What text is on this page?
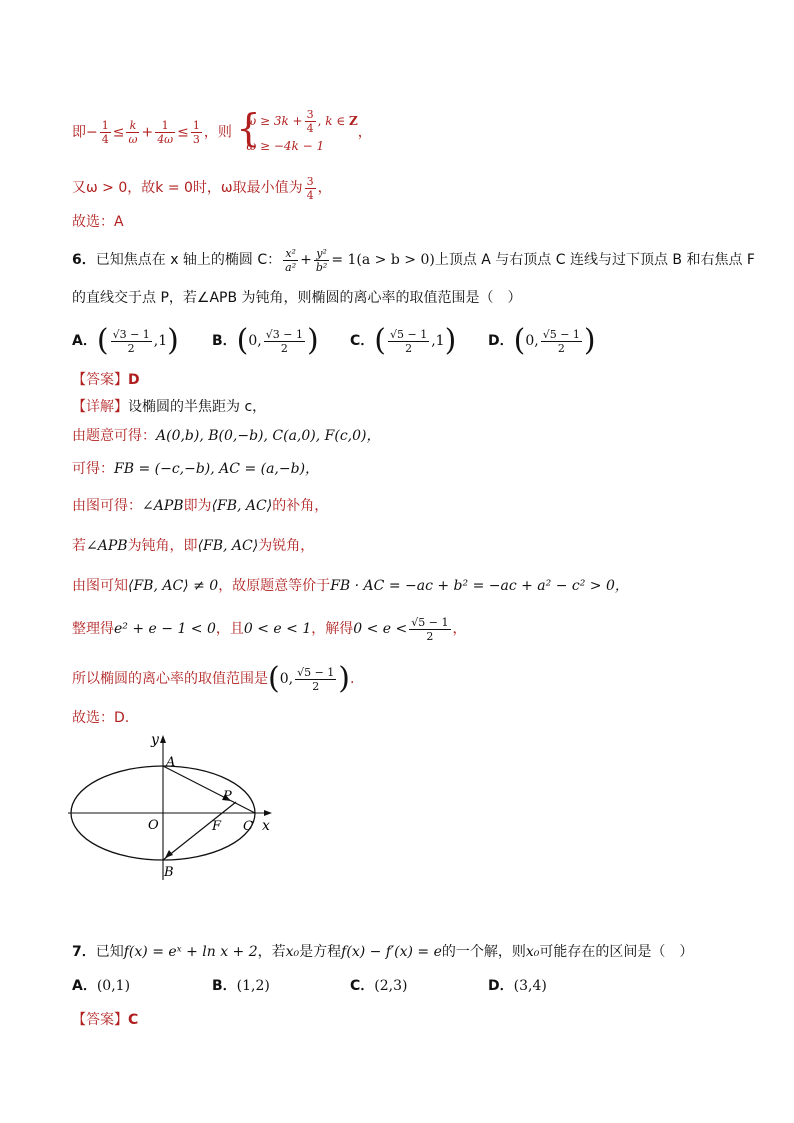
即− $\frac{1}{4} \le \frac{k}{\omega} + \frac{1}{4\omega} \le \frac{1}{3}$ ，则 {
$\omega \ge 3k + \frac{3}{4}$ , k ∈ Z
ω ≥ −4k − 1
，
又ω > 0，故k = 0时，ω取最小值为 $\frac{3}{4}$ ，
故选：A
6．已知焦点在 x 轴上的椭圆 C： $\frac{\text{x²}}{\text{a²}} + \frac{\text{y²}}{\text{b²}} = 1(a > b > 0)$上顶点 A 与右顶点 C 连线与过下顶点 B 和右焦点 F
的直线交于点 P，若∠APB 为钝角，则椭圆的离心率的取值范围是（　）
A．( $\frac{√3 - 1}{2} ,1$) B．(0, $\frac{√3 - 1}{2}$ ) C．( $\frac{√5 - 1}{2} ,1$) D．(0, $\frac{√5 - 1}{2}$ )
【答案】D
【详解】设椭圆的半焦距为 c，
由题意可得：A(0,b), B(0,−b), C(a,0), F(c,0)，
可得：FB = (−c,−b), AC = (a,−b)，
由图可得：∠APB即为⟨FB, AC⟩的补角，
若∠APB为钝角，即⟨FB, AC⟩为锐角，
由图可知⟨FB, AC⟩ ≠ 0，故原题意等价于FB · AC = −ac + b² = −ac + a² − c² > 0，
整理得e² + e − 1 < 0，且0 < e < 1，解得$0 < e < \frac{√5 - 1}{2}$ ，
所以椭圆的离心率的取值范围是(0, $\frac{√5 - 1}{2}$ ).
故选：D.
y
x
A
B
C
O	F
P
7．已知f(x) = eˣ + ln x + 2，若x₀是方程f(x) − f′(x) = e的一个解，则x₀可能存在的区间是（　）
A．(0,1)	B．(1,2)	C．(2,3)	D．(3,4)
【答案】C
